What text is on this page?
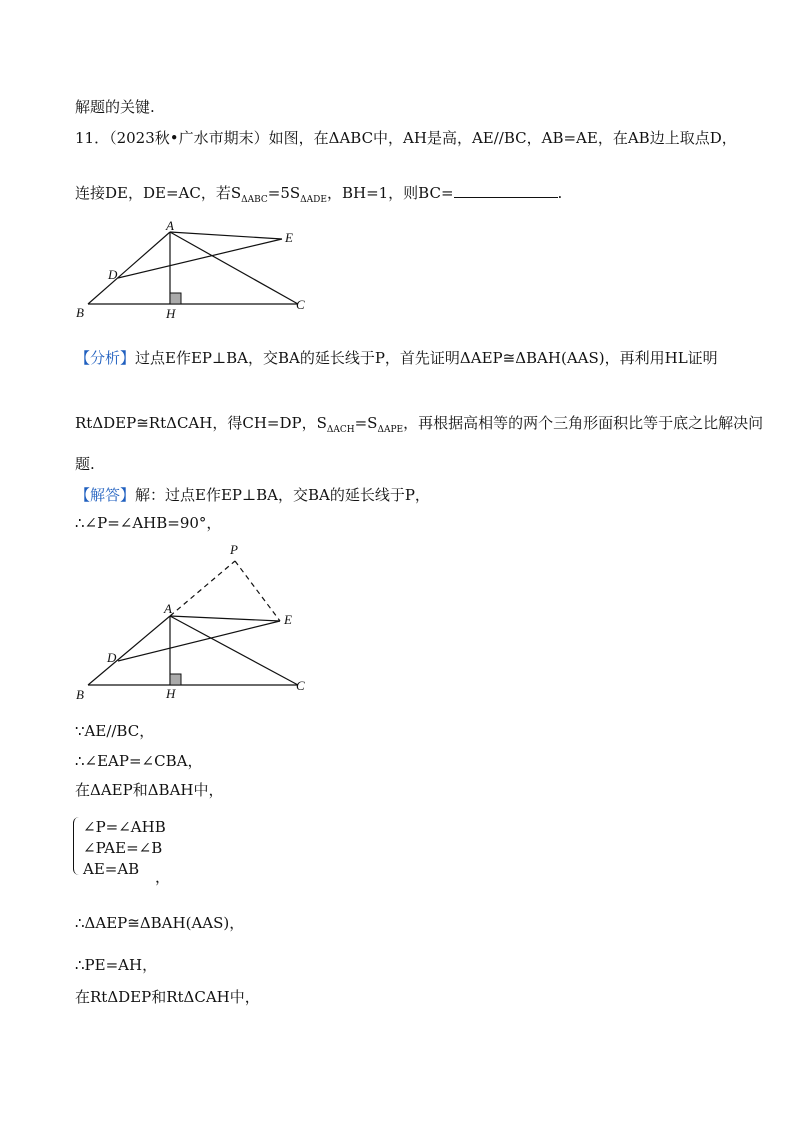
解题的关键.
11．（2023秋•广水市期末）如图，在ΔABC中，AH是高，AE//BC，AB=AE，在AB边上取点D，
连接DE，DE=AC，若$S_{\Delta ABC}=5S_{\Delta ADE}$，BH=1，则BC=	.
A
E
D
B	H
C
【分析】过点E作EP⊥BA，交BA的延长线于P，首先证明ΔAEP≅ΔBAH(AAS)，再利用HL证明
RtΔDEP≅RtΔCAH，得CH=DP，$S_{\Delta ACH}=S_{\Delta APE}$，再根据高相等的两个三角形面积比等于底之比解决问
题.
【解答】解：过点E作EP⊥BA，交BA的延长线于P，
∴∠P=∠AHB=90°，
P
A
E
D
B	H
C
∵AE//BC，
∴∠EAP=∠CBA，
在ΔAEP和ΔBAH中，
∠P=∠AHB
∠PAE=∠B
AE=AB ，
∴ΔAEP≅ΔBAH(AAS)，
∴PE=AH，
在RtΔDEP和RtΔCAH中，
